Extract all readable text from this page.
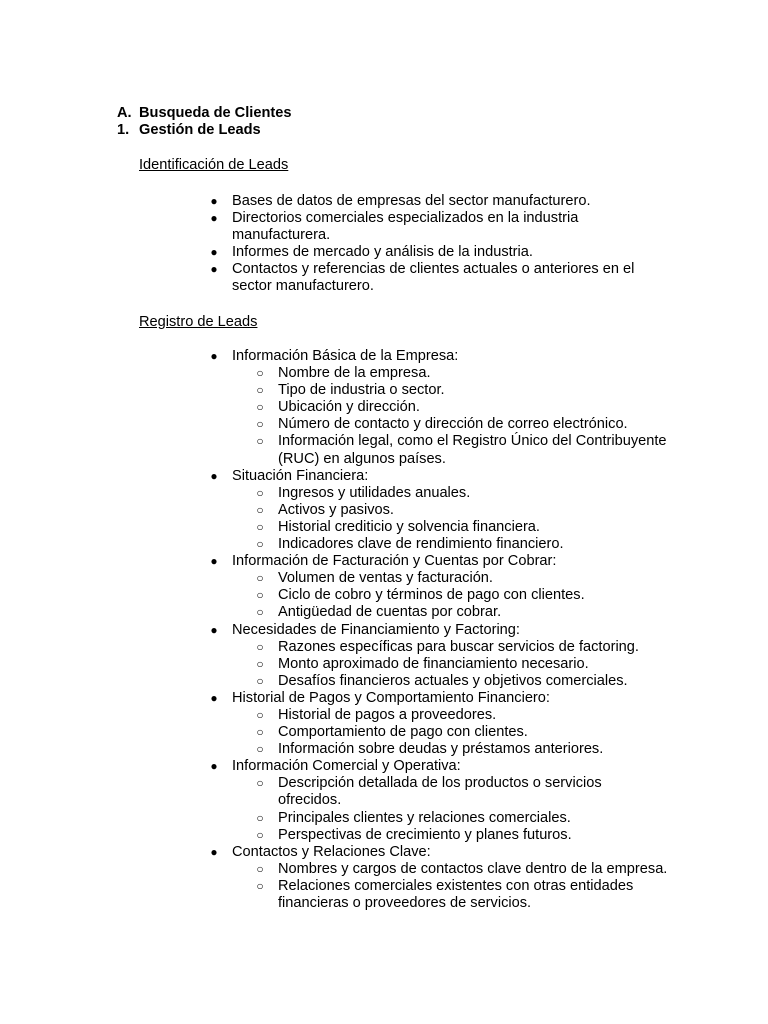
A. Busqueda de Clientes
1. Gestión de Leads
Identificación de Leads
● Bases de datos de empresas del sector manufacturero.
● Directorios comerciales especializados en la industria manufacturera.
● Informes de mercado y análisis de la industria.
● Contactos y referencias de clientes actuales o anteriores en el sector manufacturero.
Registro de Leads
● Información Básica de la Empresa:
○ Nombre de la empresa.
○ Tipo de industria o sector.
○ Ubicación y dirección.
○ Número de contacto y dirección de correo electrónico.
○ Información legal, como el Registro Único del Contribuyente (RUC) en algunos países.
● Situación Financiera:
○ Ingresos y utilidades anuales.
○ Activos y pasivos.
○ Historial crediticio y solvencia financiera.
○ Indicadores clave de rendimiento financiero.
● Información de Facturación y Cuentas por Cobrar:
○ Volumen de ventas y facturación.
○ Ciclo de cobro y términos de pago con clientes.
○ Antigüedad de cuentas por cobrar.
● Necesidades de Financiamiento y Factoring:
○ Razones específicas para buscar servicios de factoring.
○ Monto aproximado de financiamiento necesario.
○ Desafíos financieros actuales y objetivos comerciales.
● Historial de Pagos y Comportamiento Financiero:
○ Historial de pagos a proveedores.
○ Comportamiento de pago con clientes.
○ Información sobre deudas y préstamos anteriores.
● Información Comercial y Operativa:
○ Descripción detallada de los productos o servicios ofrecidos.
○ Principales clientes y relaciones comerciales.
○ Perspectivas de crecimiento y planes futuros.
● Contactos y Relaciones Clave:
○ Nombres y cargos de contactos clave dentro de la empresa.
○ Relaciones comerciales existentes con otras entidades financieras o proveedores de servicios.
